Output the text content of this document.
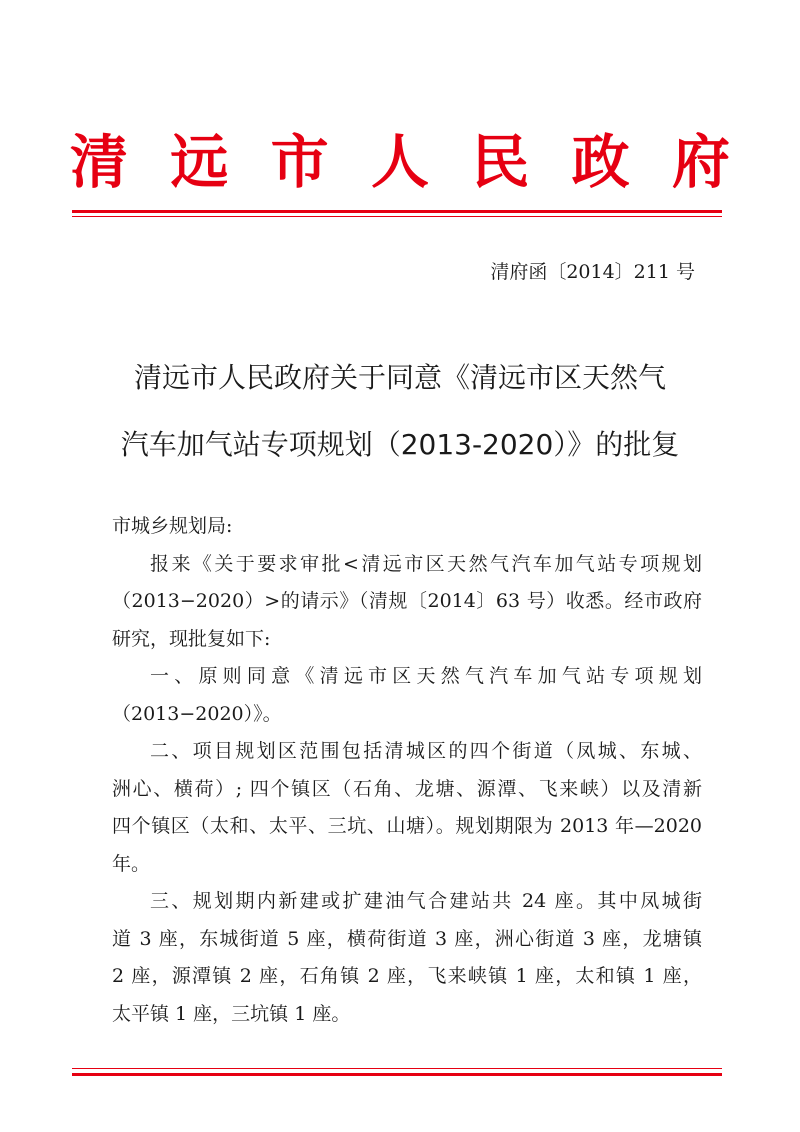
清 远 市 人 民 政 府
清府函〔2014〕211 号
清远市人民政府关于同意《清远市区天然气
汽车加气站专项规划（2013-2020）》的批复
市城乡规划局:
报来《关于要求审批<清远市区天然气汽车加气站专项规划
（2013−2020）>的请示》（清规〔2014〕63 号）收悉。经市政府
研究，现批复如下:
一、原则同意《清远市区天然气汽车加气站专项规划
（2013−2020）》。
二、项目规划区范围包括清城区的四个街道（凤城、东城、
洲心、横荷）; 四个镇区（石角、龙塘、源潭、飞来峡）以及清新
四个镇区（太和、太平、三坑、山塘）。规划期限为 2013 年—2020
年。
三、规划期内新建或扩建油气合建站共 24 座。其中凤城街
道 3 座，东城街道 5 座，横荷街道 3 座，洲心街道 3 座，龙塘镇
2 座，源潭镇 2 座，石角镇 2 座，飞来峡镇 1 座，太和镇 1 座，
太平镇 1 座，三坑镇 1 座。
